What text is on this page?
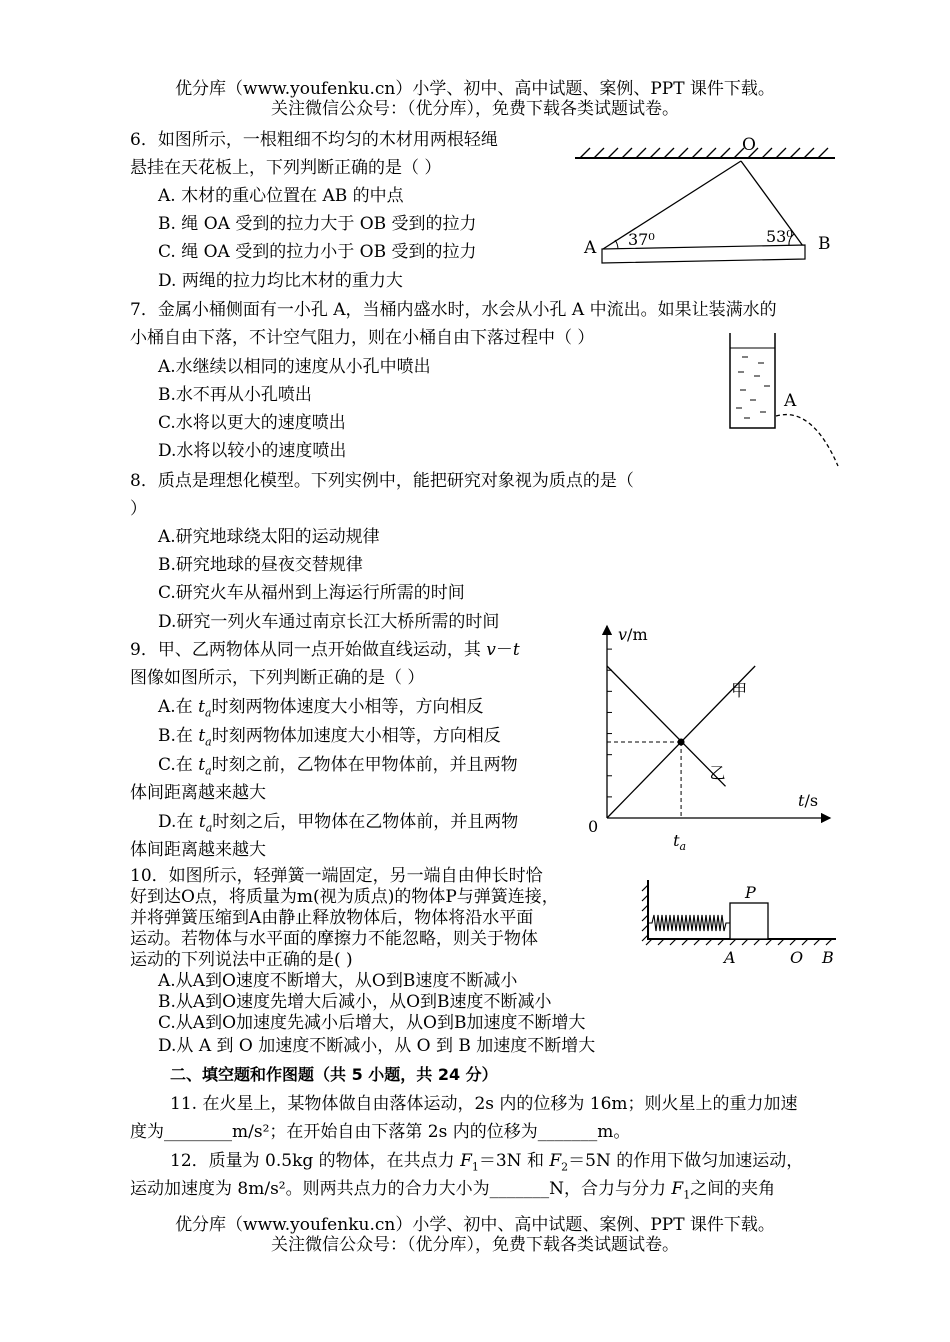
优分库（www.youfenku.cn）小学、初中、高中试题、案例、PPT 课件下载。
关注微信公众号：（优分库），免费下载各类试题试卷。
6．如图所示，一根粗细不均匀的木材用两根轻绳
悬挂在天花板上，下列判断正确的是（ ）
A. 木材的重心位置在 AB 的中点
B. 绳 OA 受到的拉力大于 OB 受到的拉力
C. 绳 OA 受到的拉力小于 OB 受到的拉力
D. 两绳的拉力均比木材的重力大
O
A	B
37⁰	53⁰
7．金属小桶侧面有一小孔 A，当桶内盛水时，水会从小孔 A 中流出。如果让装满水的
小桶自由下落，不计空气阻力，则在小桶自由下落过程中（ ）
A.水继续以相同的速度从小孔中喷出
B.水不再从小孔喷出
C.水将以更大的速度喷出
D.水将以较小的速度喷出
A
8．质点是理想化模型。下列实例中，能把研究对象视为质点的是（
）
A.研究地球绕太阳的运动规律
B.研究地球的昼夜交替规律
C.研究火车从福州到上海运行所需的时间
D.研究一列火车通过南京长江大桥所需的时间
9．甲、乙两物体从同一点开始做直线运动，其 v－t
图像如图所示，下列判断正确的是（ ）
A.在 $t_a$时刻两物体速度大小相等，方向相反
B.在 $t_a$时刻两物体加速度大小相等，方向相反
C.在 $t_a$时刻之前，乙物体在甲物体前，并且两物
体间距离越来越大
D.在 $t_a$时刻之后，甲物体在乙物体前，并且两物
体间距离越来越大
v/m
t/s
0
$t_a$
甲
乙
10．如图所示，轻弹簧一端固定，另一端自由伸长时恰
好到达O点，将质量为m(视为质点)的物体P与弹簧连接，
并将弹簧压缩到A由静止释放物体后，物体将沿水平面
运动。若物体与水平面的摩擦力不能忽略，则关于物体
运动的下列说法中正确的是( )
A.从A到O速度不断增大，从O到B速度不断减小
B.从A到O速度先增大后减小，从O到B速度不断减小
C.从A到O加速度先减小后增大，从O到B加速度不断增大
D.从 A 到 O 加速度不断减小，从 O 到 B 加速度不断增大
P
A	O B
二、填空题和作图题（共 5 小题，共 24 分）
11. 在火星上，某物体做自由落体运动，2s 内的位移为 16m；则火星上的重力加速
度为________m/s²；在开始自由下落第 2s 内的位移为_______m。
12．质量为 0.5kg 的物体，在共点力 $F_1=3N$ 和 $F_2=5N$ 的作用下做匀加速运动，
运动加速度为 8m/s²。则两共点力的合力大小为_______N，合力与分力 $F_1$之间的夹角
优分库（www.youfenku.cn）小学、初中、高中试题、案例、PPT 课件下载。
关注微信公众号：（优分库），免费下载各类试题试卷。
